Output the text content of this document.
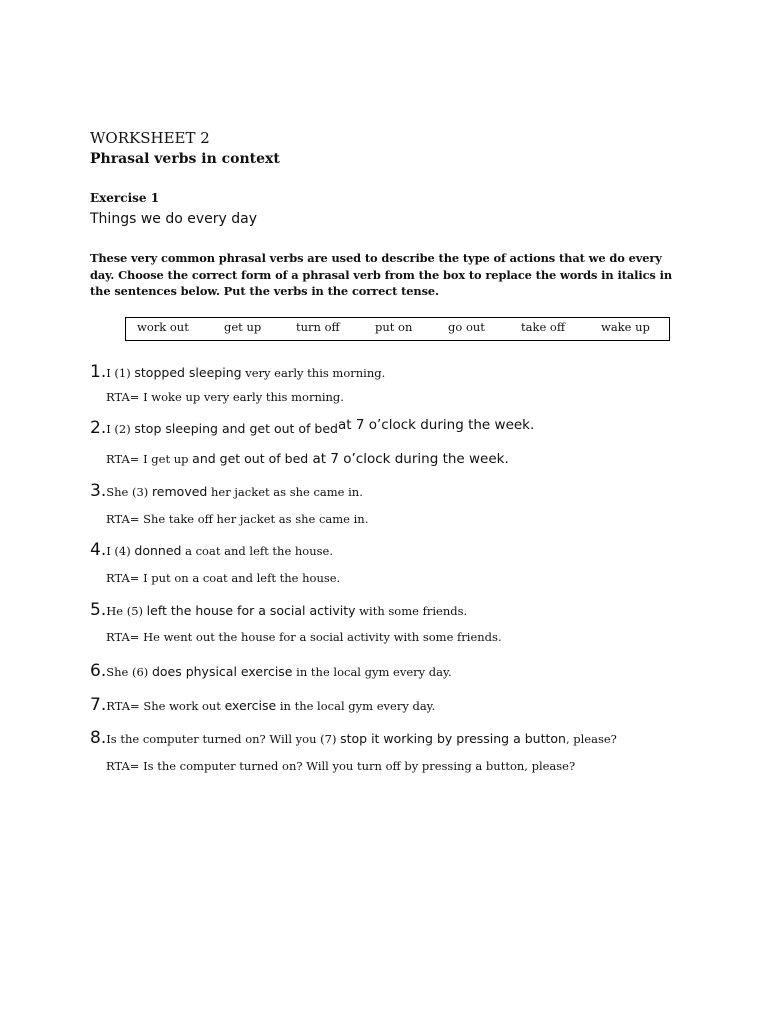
WORKSHEET 2
Phrasal verbs in context
Exercise 1
Things we do every day
These very common phrasal verbs are used to describe the type of actions that we do every day. Choose the correct form of a phrasal verb from the box to replace the words in italics in the sentences below. Put the verbs in the correct tense.
work out	get up	turn off	put on	go out	take off	wake up
1.I (1) stopped sleeping very early this morning.
RTA= I woke up very early this morning.
2.I (2) stop sleeping and get out of bed$^{at 7 o’clock during the week.}$
RTA= I get up and get out of bed at 7 o’clock during the week.
3.She (3) removed her jacket as she came in.
RTA= She take off her jacket as she came in.
4.I (4) donned a coat and left the house.
RTA= I put on a coat and left the house.
5.He (5) left the house for a social activity with some friends.
RTA= He went out the house for a social activity with some friends.
6.She (6) does physical exercise in the local gym every day.
7.RTA= She work out exercise in the local gym every day.
8.Is the computer turned on? Will you (7) stop it working by pressing a button, please?
RTA= Is the computer turned on? Will you turn off by pressing a button, please?
